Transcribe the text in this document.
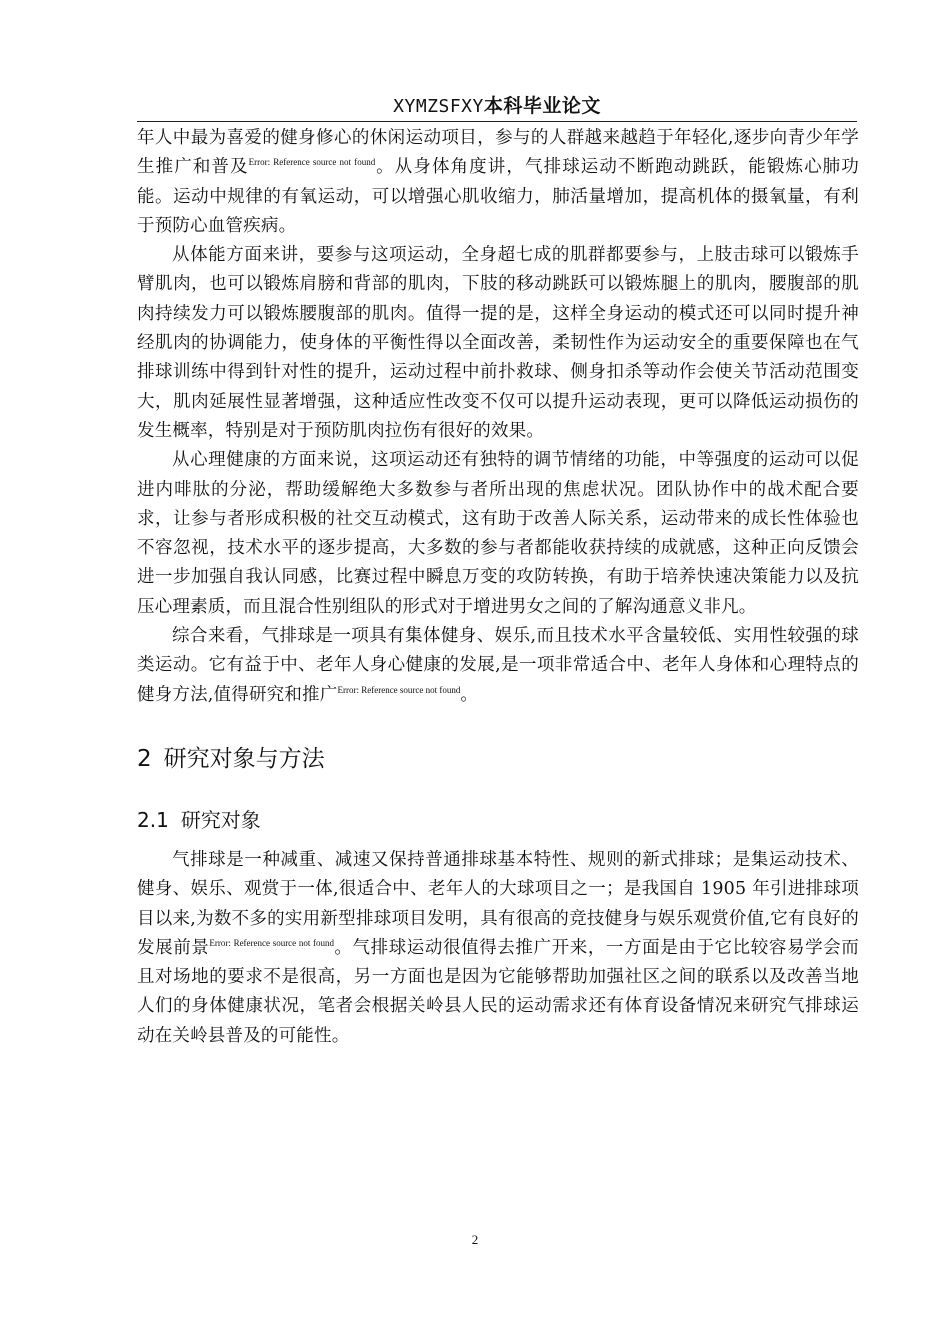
XYMZSFXY本科毕业论文

年人中最为喜爱的健身修心的休闲运动项目，参与的人群越来越趋于年轻化,逐步向青少年学生推广和普及$^{Error: Reference source not found}$。从身体角度讲，气排球运动不断跑动跳跃，能锻炼心肺功能。运动中规律的有氧运动，可以增强心肌收缩力，肺活量增加，提高机体的摄氧量，有利于预防心血管疾病。

从体能方面来讲，要参与这项运动，全身超七成的肌群都要参与，上肢击球可以锻炼手臂肌肉，也可以锻炼肩膀和背部的肌肉，下肢的移动跳跃可以锻炼腿上的肌肉，腰腹部的肌肉持续发力可以锻炼腰腹部的肌肉。值得一提的是，这样全身运动的模式还可以同时提升神经肌肉的协调能力，使身体的平衡性得以全面改善，柔韧性作为运动安全的重要保障也在气排球训练中得到针对性的提升，运动过程中前扑救球、侧身扣杀等动作会使关节活动范围变大，肌肉延展性显著增强，这种适应性改变不仅可以提升运动表现，更可以降低运动损伤的发生概率，特别是对于预防肌肉拉伤有很好的效果。

从心理健康的方面来说，这项运动还有独特的调节情绪的功能，中等强度的运动可以促进内啡肽的分泌，帮助缓解绝大多数参与者所出现的焦虑状况。团队协作中的战术配合要求，让参与者形成积极的社交互动模式，这有助于改善人际关系，运动带来的成长性体验也不容忽视，技术水平的逐步提高，大多数的参与者都能收获持续的成就感，这种正向反馈会进一步加强自我认同感，比赛过程中瞬息万变的攻防转换，有助于培养快速决策能力以及抗压心理素质，而且混合性别组队的形式对于增进男女之间的了解沟通意义非凡。

综合来看，气排球是一项具有集体健身、娱乐,而且技术水平含量较低、实用性较强的球类运动。它有益于中、老年人身心健康的发展,是一项非常适合中、老年人身体和心理特点的健身方法,值得研究和推广$^{Error: Reference source not found}$。

2 研究对象与方法
2.1 研究对象

气排球是一种减重、减速又保持普通排球基本特性、规则的新式排球；是集运动技术、健身、娱乐、观赏于一体,很适合中、老年人的大球项目之一；是我国自 1905 年引进排球项目以来,为数不多的实用新型排球项目发明，具有很高的竞技健身与娱乐观赏价值,它有良好的发展前景$^{Error: Reference source not found}$。气排球运动很值得去推广开来，一方面是由于它比较容易学会而且对场地的要求不是很高，另一方面也是因为它能够帮助加强社区之间的联系以及改善当地人们的身体健康状况，笔者会根据关岭县人民的运动需求还有体育设备情况来研究气排球运动在关岭县普及的可能性。

2
